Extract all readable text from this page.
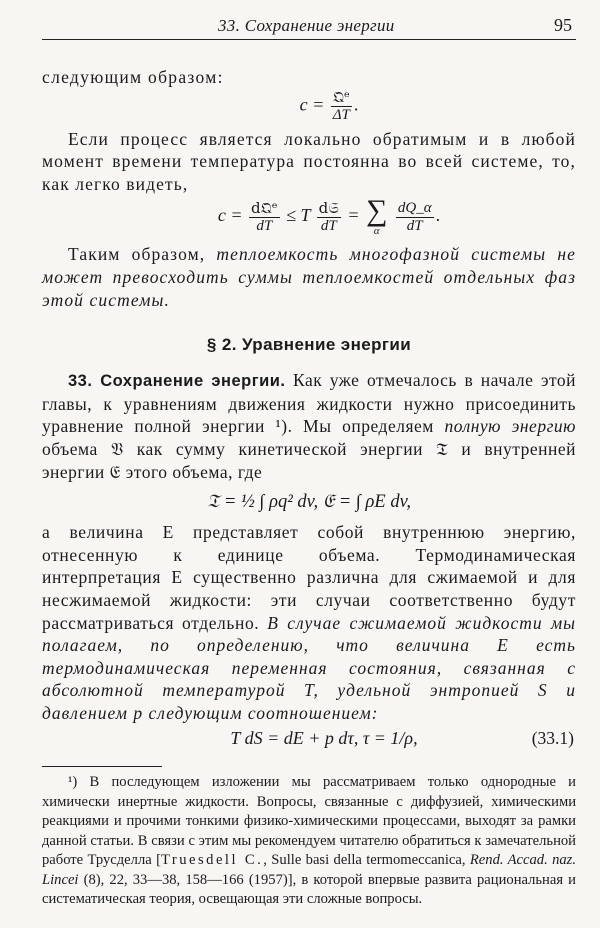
33. Сохранение энергии	95

следующим образом:

$c = \frac{\text{𝔔ᵉ}}{\Delta T}$ .

Если процесс является локально обратимым и в любой момент времени температура постоянна во всей системе, то, как легко видеть,

$c = \frac{\text{d𝔔ᵉ}}{dT} \le T \frac{\text{d𝔖}}{dT}$ = ∑
α
	$\frac{dQ\_\alpha}{dT}$ .

Таким образом, теплоемкость многофазной системы не может превосходить суммы теплоемкостей отдельных фаз этой системы.

§ 2. Уравнение энергии

33. Сохранение энергии. Как уже отмечалось в начале этой главы, к уравнениям движения жидкости нужно присоединить уравнение полной энергии ¹). Мы определяем полную энергию объема 𝔙 как сумму кинетической энергии 𝔗 и внутренней энергии 𝔈 этого объема, где

𝔗 = ½ ∫ ρq² dv, 𝔈 = ∫ ρE dv,

а величина E представляет собой внутреннюю энергию, отнесенную к единице объема. Термодинамическая интерпретация E существенно различна для сжимаемой и для несжимаемой жидкости: эти случаи соответственно будут рассматриваться отдельно. В случае сжимаемой жидкости мы полагаем, по определению, что величина E есть термодинамическая переменная состояния, связанная с абсолютной температурой T, удельной энтропией S и давлением p следующим соотношением:

T dS = dE + p dτ, τ = 1/ρ,	(33.1)

¹) В последующем изложении мы рассматриваем только однородные и химически инертные жидкости. Вопросы, связанные с диффузией, химическими реакциями и прочими тонкими физико-химическими процессами, выходят за рамки данной статьи. В связи с этим мы рекомендуем читателю обратиться к замечательной работе Трусделла [Truesdell C., Sulle basi della termomeccanica, Rend. Accad. naz. Lincei (8), 22, 33—38, 158—166 (1957)], в которой впервые развита рациональная и систематическая теория, освещающая эти сложные вопросы.
